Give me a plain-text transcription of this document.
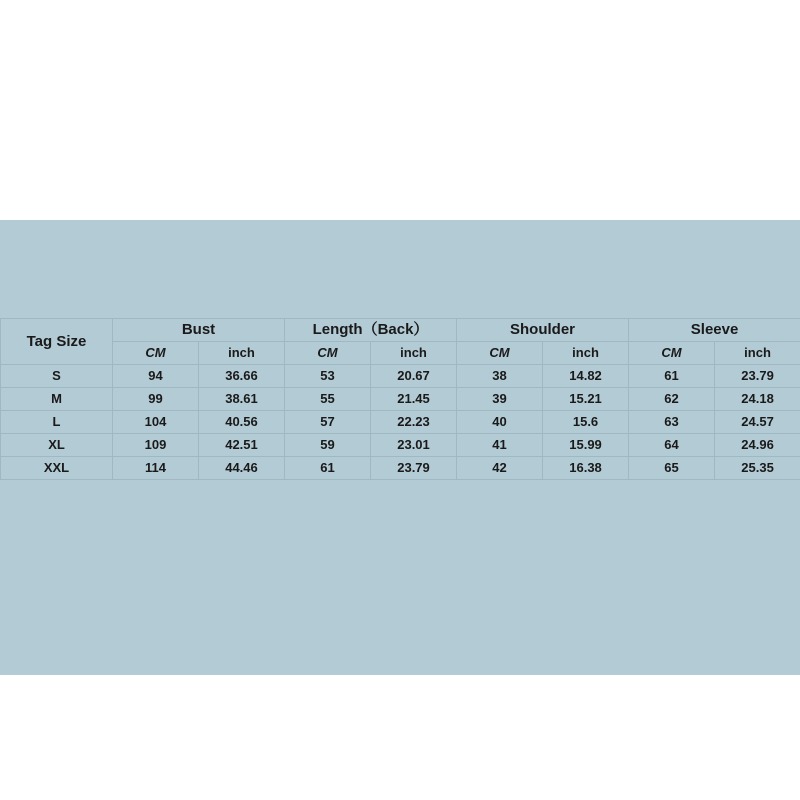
Tag Size	Bust		Length（Back）		Shoulder		Sleeve	
	CM	inch	CM	inch	CM	inch	CM	inch
S	94	36.66	53	20.67	38	14.82	61	23.79
M	99	38.61	55	21.45	39	15.21	62	24.18
L	104	40.56	57	22.23	40	15.6	63	24.57
XL	109	42.51	59	23.01	41	15.99	64	24.96
XXL	114	44.46	61	23.79	42	16.38	65	25.35
